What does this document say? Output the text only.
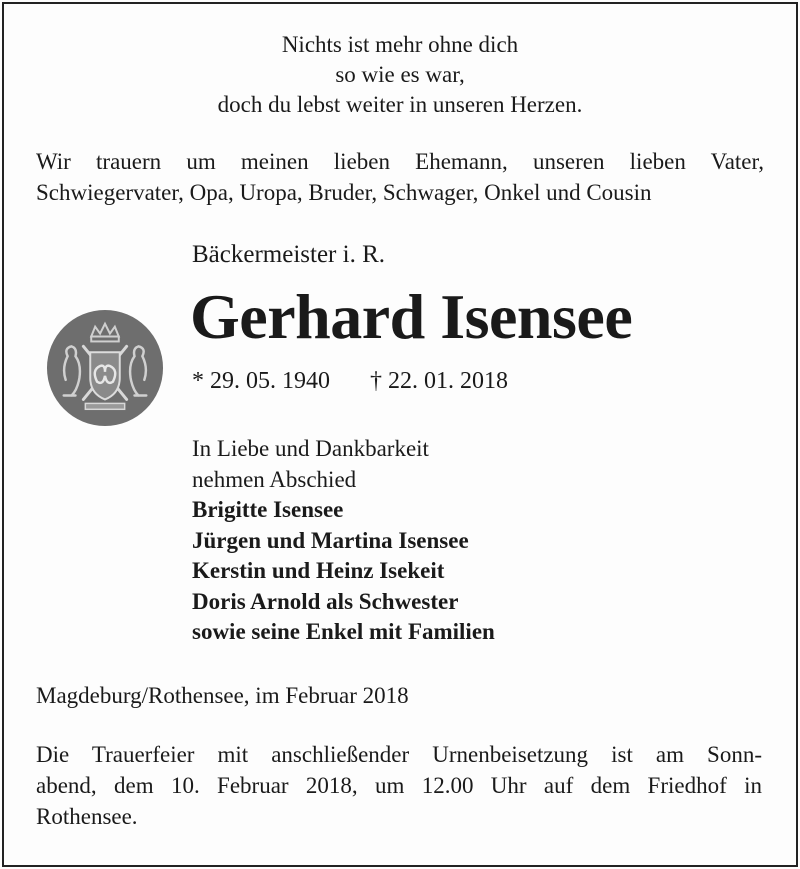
Nichts ist mehr ohne dich
so wie es war,
doch du lebst weiter in unseren Herzen.
Wir trauern um meinen lieben Ehemann, unseren lieben Vater,
Schwiegervater, Opa, Uropa, Bruder, Schwager, Onkel und Cousin
Bäckermeister i. R.
Gerhard Isensee
* 29. 05. 1940 † 22. 01. 2018
In Liebe und Dankbarkeit
nehmen Abschied
Brigitte Isensee
Jürgen und Martina Isensee
Kerstin und Heinz Isekeit
Doris Arnold als Schwester
sowie seine Enkel mit Familien
Magdeburg/Rothensee, im Februar 2018
Die Trauerfeier mit anschließender Urnenbeisetzung ist am Sonn-
abend, dem 10. Februar 2018, um 12.00 Uhr auf dem Friedhof in
Rothensee.
